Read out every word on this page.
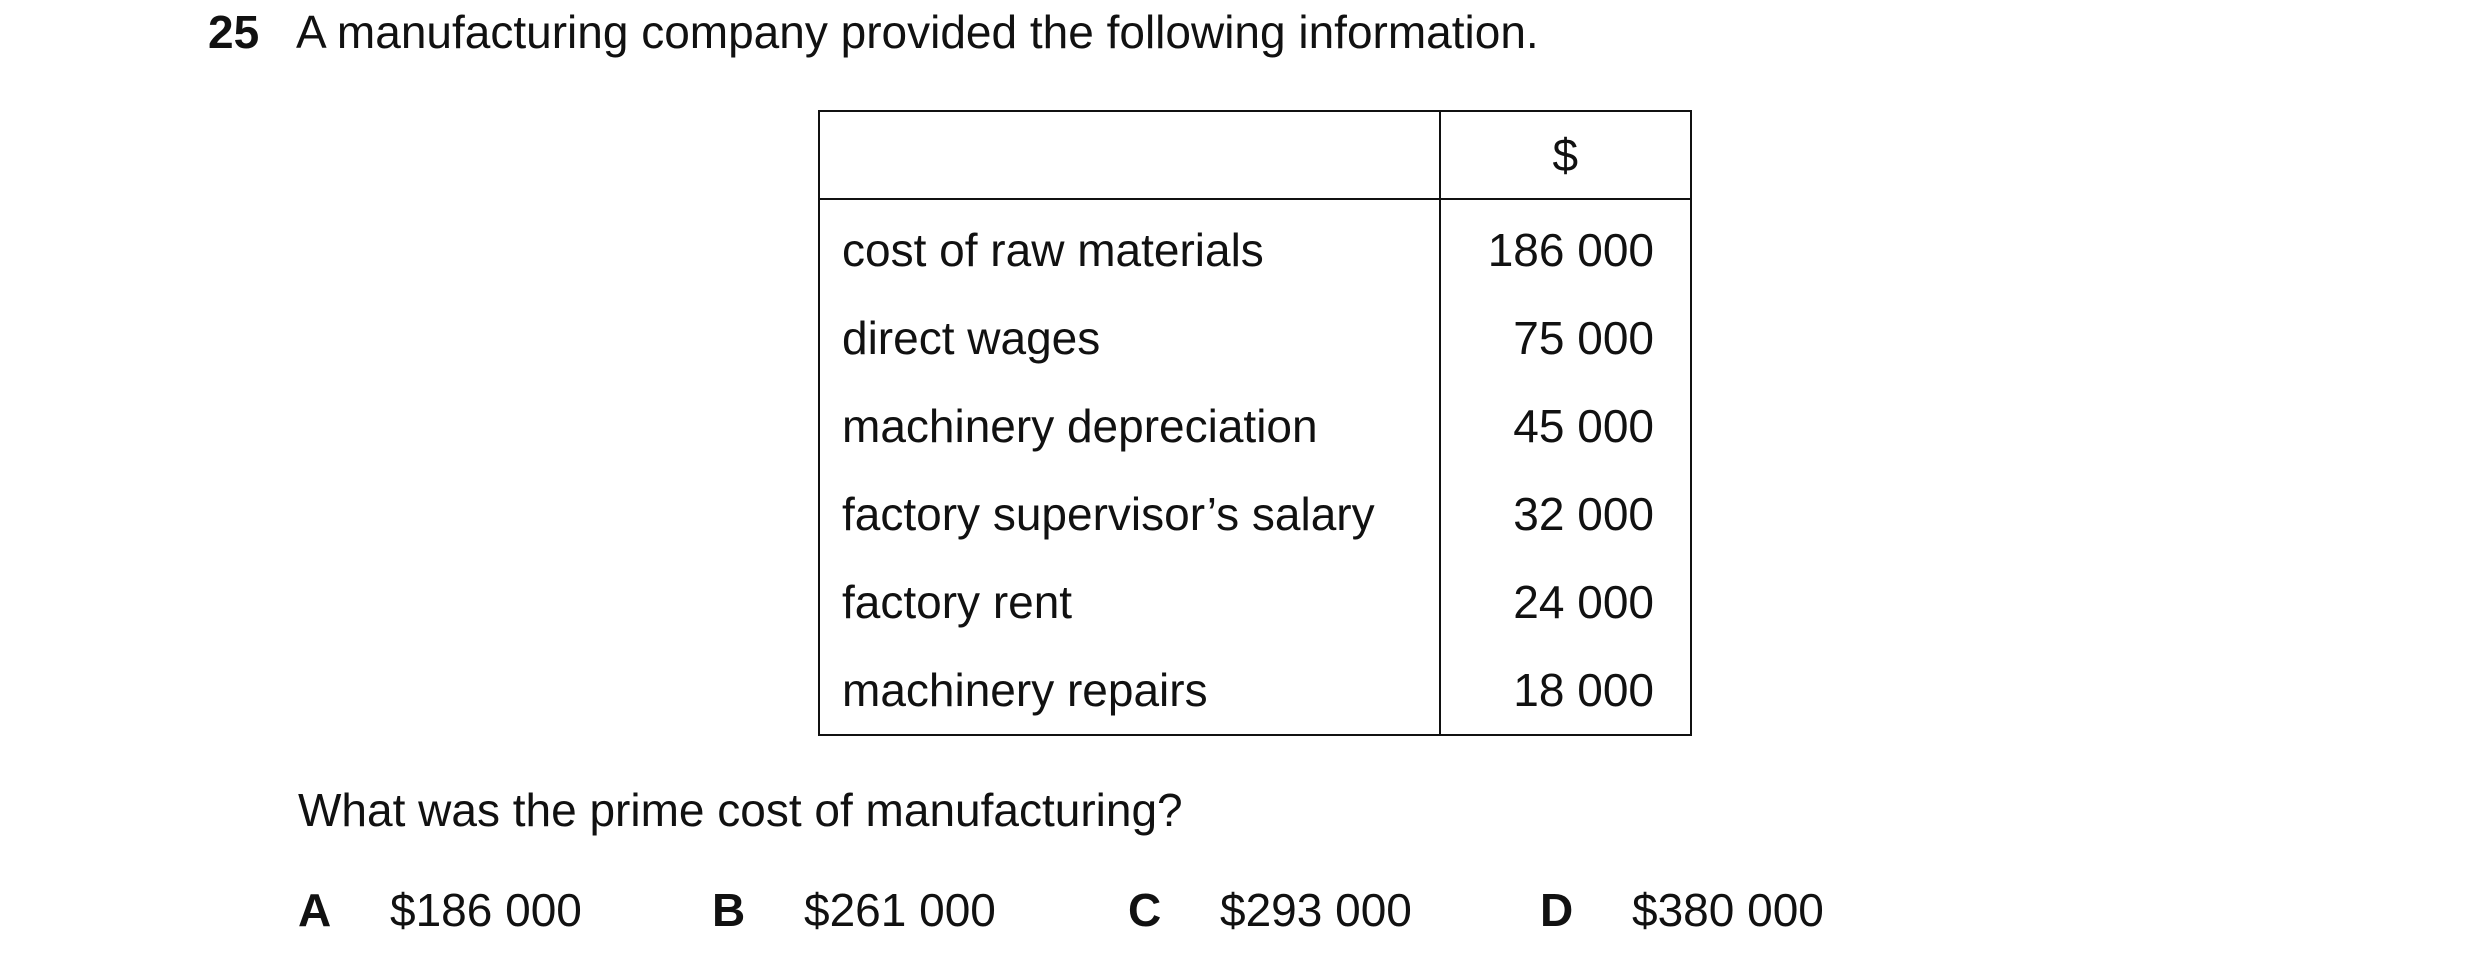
25 A manufacturing company provided the following information.
	$
cost of raw materials	186 000
direct wages	75 000
machinery depreciation	45 000
factory supervisor’s salary	32 000
factory rent	24 000
machinery repairs	18 000
What was the prime cost of manufacturing?
A $186 000	B $261 000	C $293 000	D $380 000
